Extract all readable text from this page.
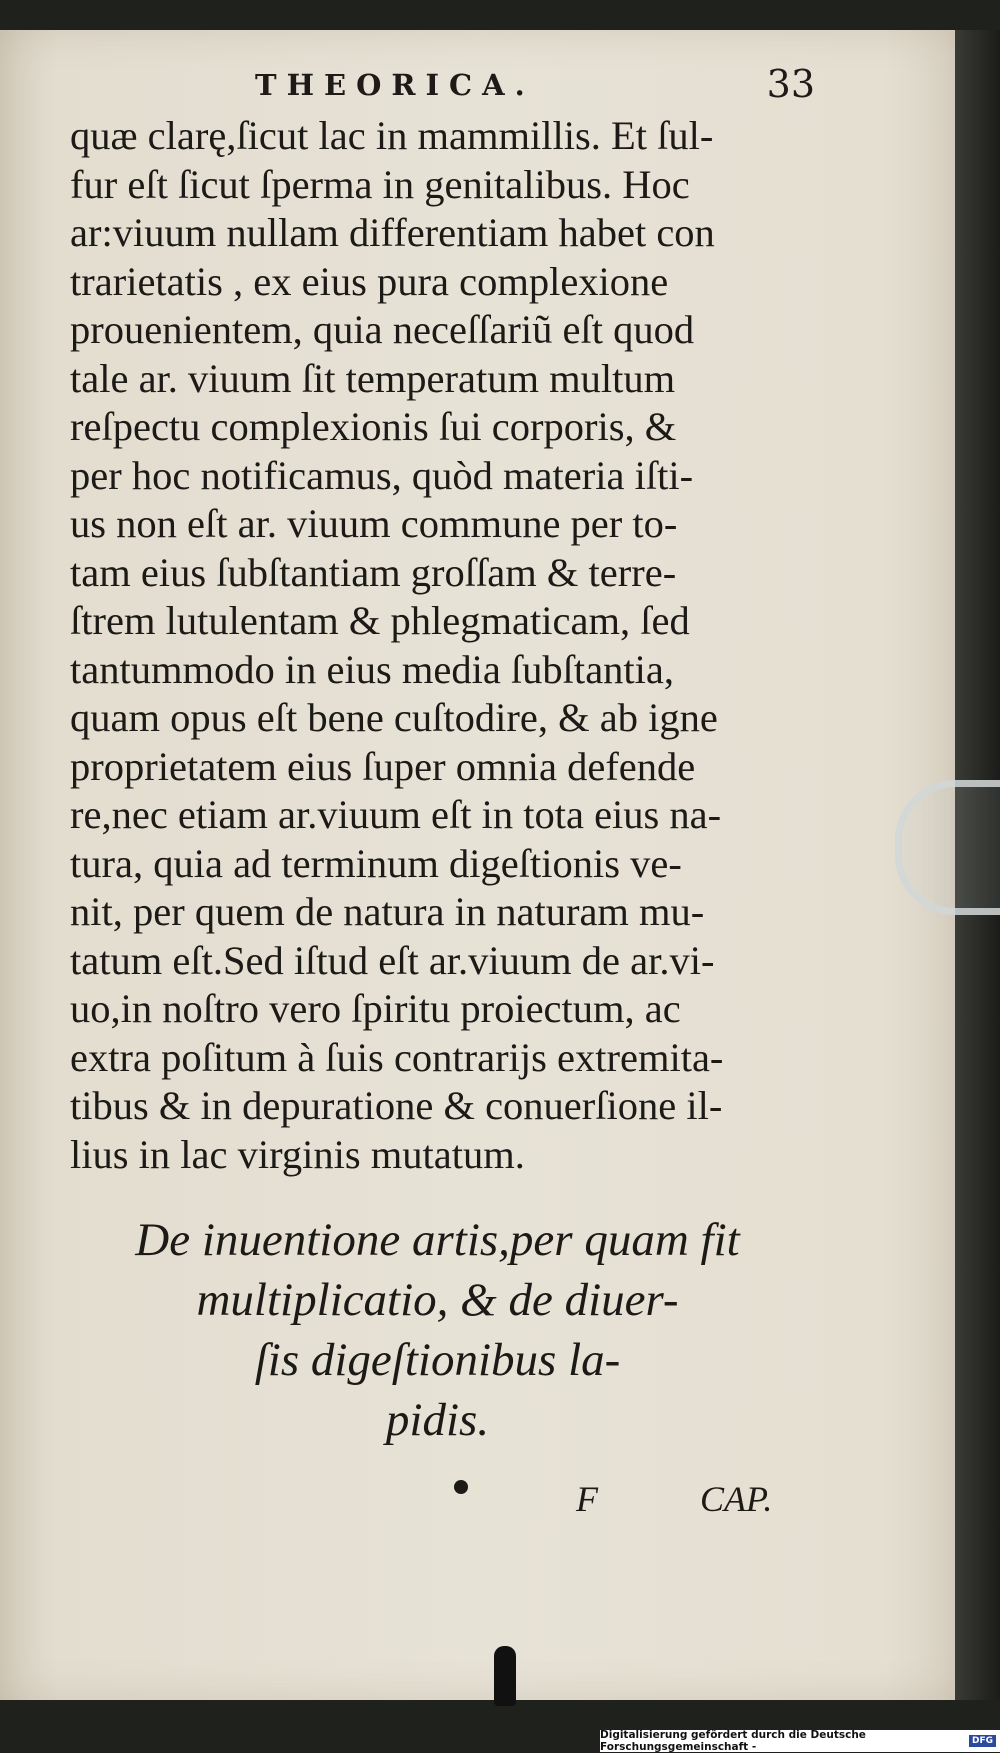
THEORICA.	33
quæ clarę,ſicut lac in mammillis. Et ſul-
fur eſt ſicut ſperma in genitalibus. Hoc
ar:viuum nullam differentiam habet con
trarietatis , ex eius pura complexione
prouenientem, quia neceſſariũ eſt quod
tale ar. viuum ſit temperatum multum
reſpectu complexionis ſui corporis, &
per hoc notificamus, quòd materia iſti-
us non eſt ar. viuum commune per to-
tam eius ſubſtantiam groſſam & terre-
ſtrem lutulentam & phlegmaticam, ſed
tantummodo in eius media ſubſtantia,
quam opus eſt bene cuſtodire, & ab igne
proprietatem eius ſuper omnia defende
re,nec etiam ar.viuum eſt in tota eius na-
tura, quia ad terminum digeſtionis ve-
nit, per quem de natura in naturam mu-
tatum eſt.Sed iſtud eſt ar.viuum de ar.vi-
uo,in noſtro vero ſpiritu proiectum, ac
extra poſitum à ſuis contrarijs extremita-
tibus & in depuratione & conuerſione il-
lius in lac virginis mutatum.
De inuentione artis,per quam fit
multiplicatio, & de diuer-
ſis digeſtionibus la-
pidis.
F	CAP.
Digitalisierung gefördert durch die Deutsche Forschungsgemeinschaft -	DFG
